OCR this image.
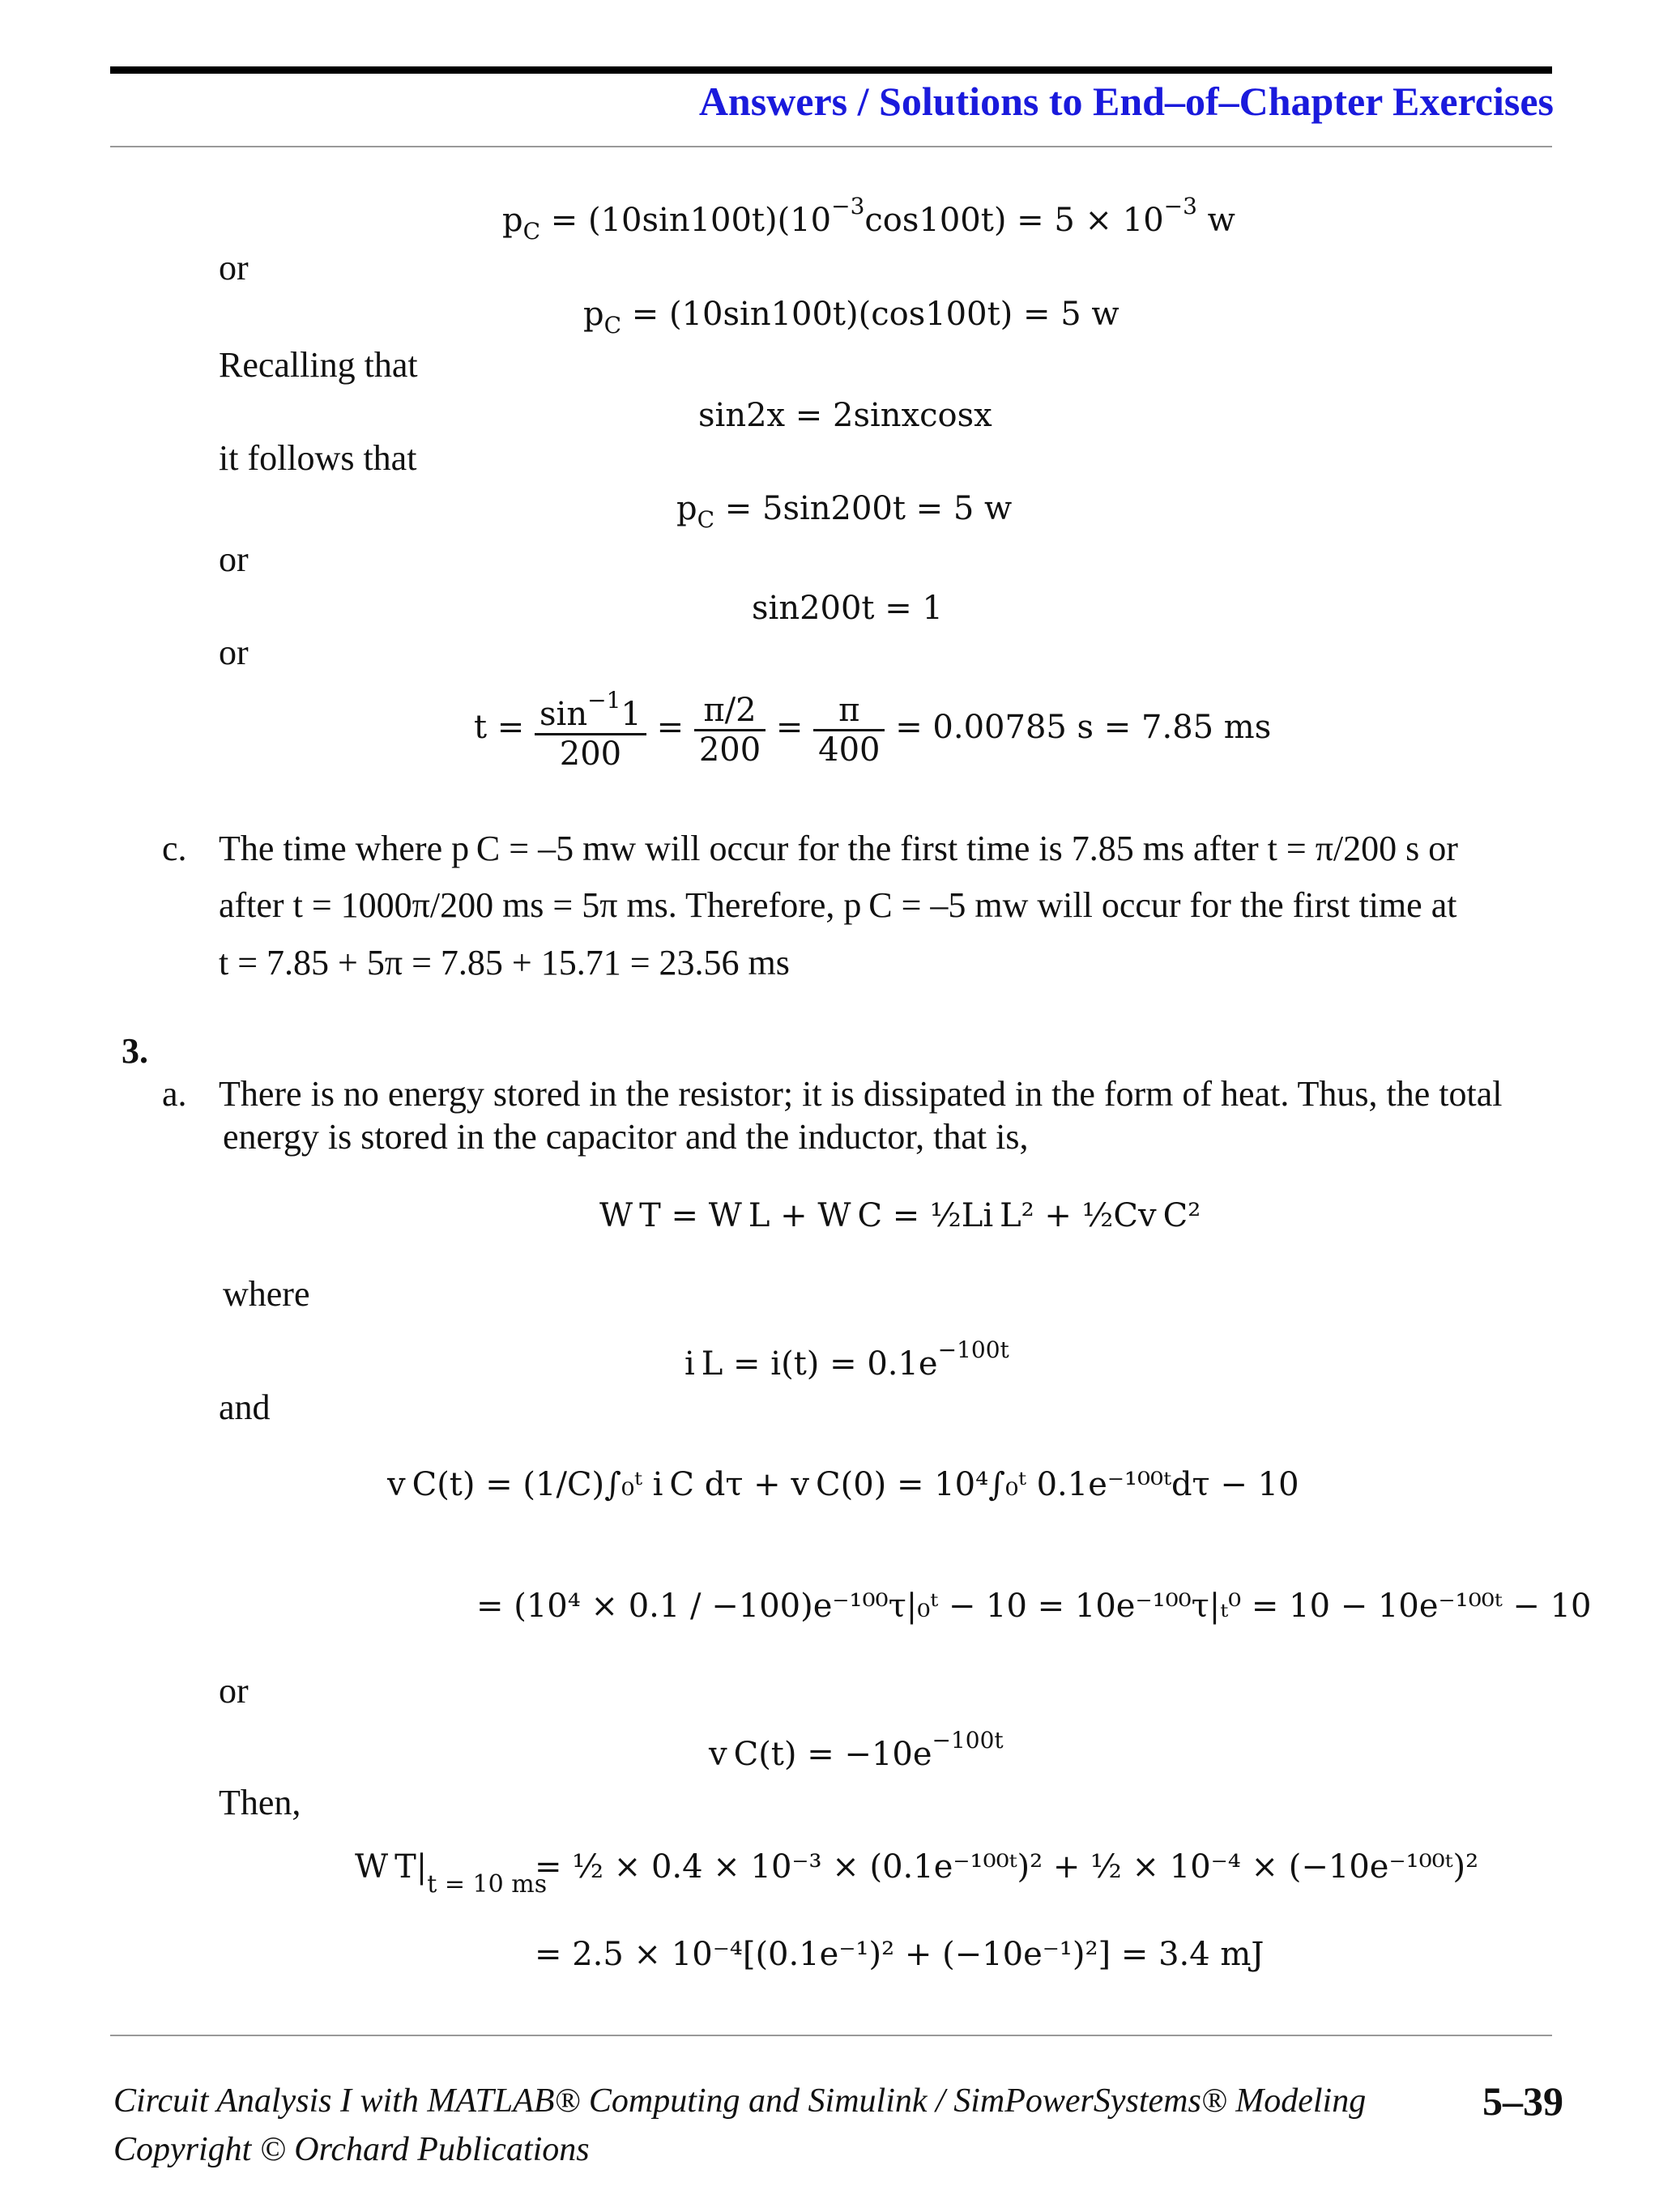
Answers / Solutions to End–of–Chapter Exercises
$p_C = (10\sin 100t)(10^{-3}\cos 100t) = 5 \times 10^{-3}$ w
or
$p_C = (10\sin 100t)(\cos 100t) = 5$ w
Recalling that
sin2x = 2sinxcosx
it follows that
$p_C = 5\sin 200t = 5$ w
or
sin200t = 1
or
$t = \frac{\sin^{-1}1}{200} = \frac{\pi/2}{200} = \frac{\pi}{400} = 0.00785$ s = 7.85 ms
c. The time where p C = –5 mw will occur for the first time is 7.85 ms after t = π/200 s or
after t = 1000π/200 ms = 5π ms. Therefore, p C = –5 mw will occur for the first time at
t = 7.85 + 5π = 7.85 + 15.71 = 23.56 ms
3.
a. There is no energy stored in the resistor; it is dissipated in the form of heat. Thus, the total
energy is stored in the capacitor and the inductor, that is,
W T = W L + W C = ½Li L² + ½Cv C²
where
i $L = i(t) = 0.1e^{-100t}$
and
v C(t) = (1/C)∫₀ᵗ i C dτ + v C(0) = 10⁴∫₀ᵗ 0.1e⁻¹⁰⁰ᵗdτ − 10
= (10⁴ × 0.1 / −100)e⁻¹⁰⁰τ|₀ᵗ − 10 = 10e⁻¹⁰⁰τ|ₜ⁰ = 10 − 10e⁻¹⁰⁰ᵗ − 10
or
v $C(t) = -10e^{-100t}$
Then,
W $T|_{t = 10 ms}$
= ½ × 0.4 × 10⁻³ × (0.1e⁻¹⁰⁰ᵗ)² + ½ × 10⁻⁴ × (−10e⁻¹⁰⁰ᵗ)²
= 2.5 × 10⁻⁴[(0.1e⁻¹)² + (−10e⁻¹)²] = 3.4 mJ
Circuit Analysis I with MATLAB® Computing and Simulink / SimPowerSystems® Modeling
Copyright © Orchard Publications
5–39
